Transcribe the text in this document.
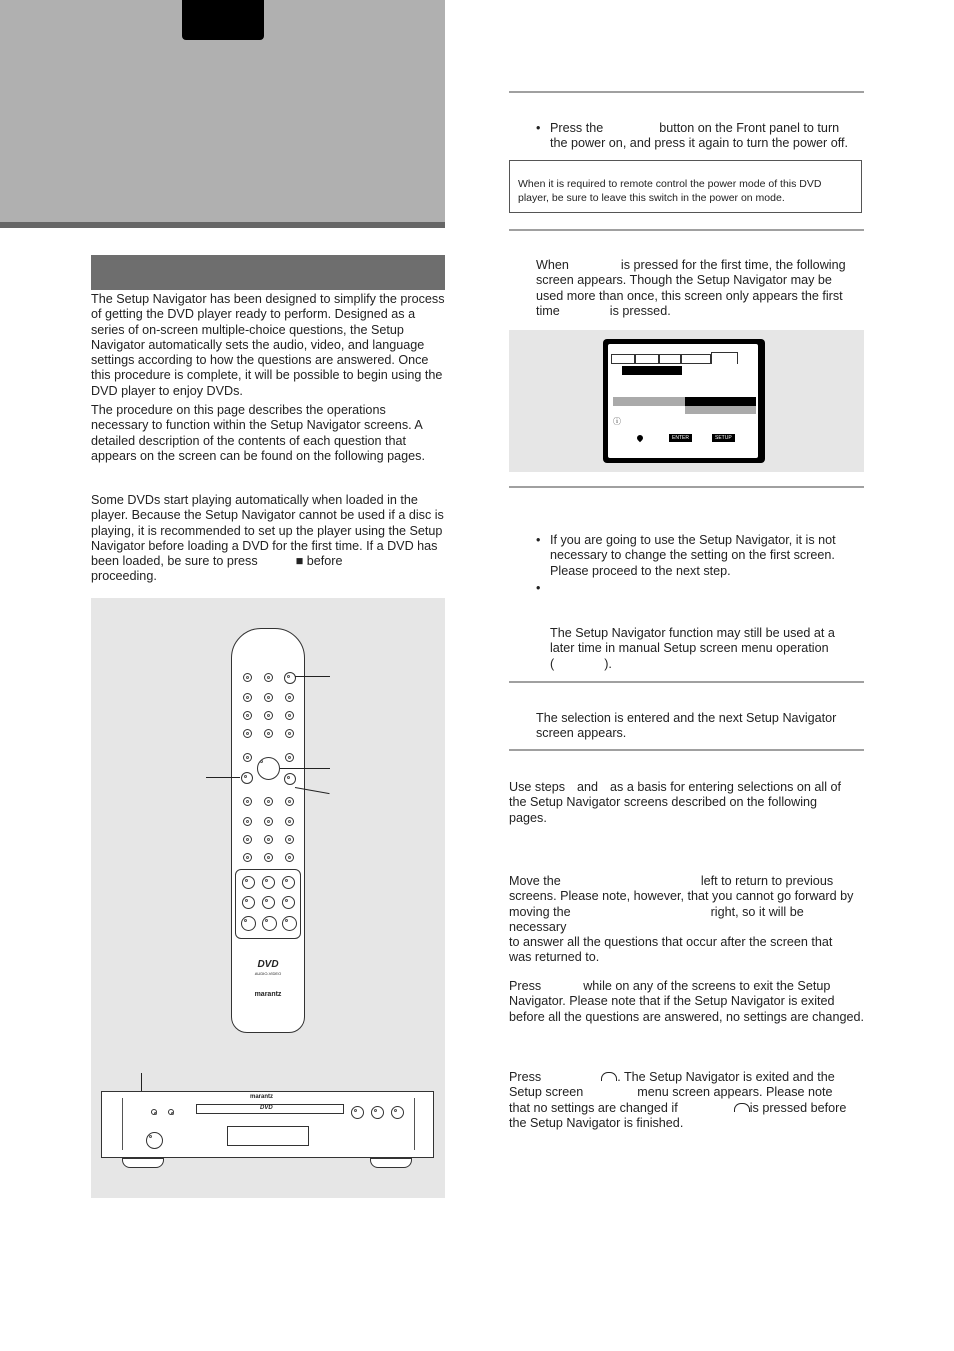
The Setup Navigator has been designed to simplify the process of getting the DVD player ready to perform. Designed as a series of on-screen multiple-choice questions, the Setup Navigator automatically sets the audio, video, and language settings according to how the questions are answered. Once this procedure is complete, it will be possible to begin using the DVD player to enjoy DVDs.

The procedure on this page describes the operations necessary to function within the Setup Navigator screens. A detailed description of the contents of each question that appears on the screen can be found on the following pages.

Some DVDs start playing automatically when loaded in the player. Because the Setup Navigator cannot be used if a disc is playing, it is recommended to set up the player using the Setup Navigator before loading a DVD for the first time. If a DVD has been loaded, be sure to press	■ before
proceeding.

DVD
AUDIO-VIDEO
marantz
marantz
DVD
• Press the	button on the Front panel to turn
the power on, and press it again to turn the power off.
When it is required to remote control the power mode of this DVD player, be sure to leave this switch in the power on mode.
When	is pressed for the first time, the following
screen appears. Though the Setup Navigator may be
used more than once, this screen only appears the first
time	is pressed.
ⓘ
ENTER	SETUP
• If you are going to use the Setup Navigator, it is not necessary to change the setting on the first screen. Please proceed to the next step.
•
The Setup Navigator function may still be used at a
later time in manual Setup screen menu operation
(	).

The selection is entered and the next Setup Navigator screen appears.

Use steps and as a basis for entering selections on all of
the Setup Navigator screens described on the following
pages.
Move the	left to return to previous
screens. Please note, however, that you cannot go forward by
moving the	right, so it will be necessary
to answer all the questions that occur after the screen that
was returned to.
Press	while on any of the screens to exit the Setup
Navigator. Please note that if the Setup Navigator is exited before all the questions are answered, no settings are changed.
Press	. The Setup Navigator is exited and the
Setup screen	menu screen appears. Please note
that no settings are changed if	is pressed before
the Setup Navigator is finished.
